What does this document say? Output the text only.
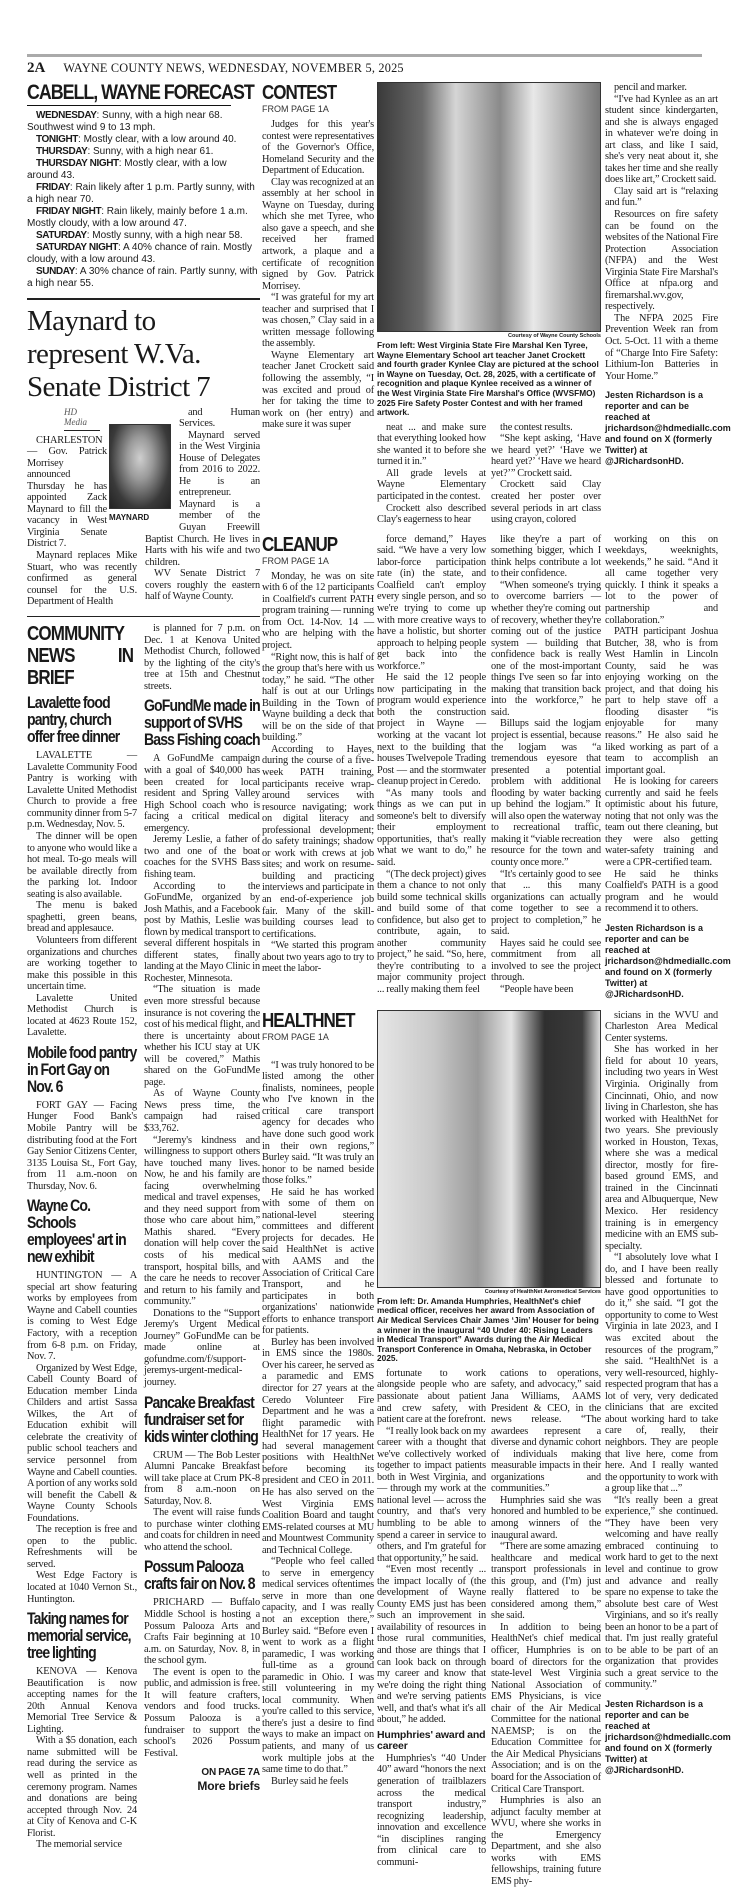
2A WAYNE COUNTY NEWS, WEDNESDAY, NOVEMBER 5, 2025
CABELL, WAYNE FORECAST

WEDNESDAY: Sunny, with a high near 68. Southwest wind 9 to 13 mph.

TONIGHT: Mostly clear, with a low around 40.

THURSDAY: Sunny, with a high near 61.

THURSDAY NIGHT: Mostly clear, with a low around 43.

FRIDAY: Rain likely after 1 p.m. Partly sunny, with a high near 70.

FRIDAY NIGHT: Rain likely, mainly before 1 a.m. Mostly cloudy, with a low around 47.

SATURDAY: Mostly sunny, with a high near 58.

SATURDAY NIGHT: A 40% chance of rain. Mostly cloudy, with a low around 43.

SUNDAY: A 30% chance of rain. Partly sunny, with a high near 55.

Maynard to represent W.Va. Senate District 7
HD Media

CHARLESTON — Gov. Patrick Morrisey announced Thursday he has appointed Zack Maynard to fill the vacancy in West Virginia Senate District 7.

Maynard replaces Mike Stuart, who was recently confirmed as general counsel for the U.S. Department of Health

MAYNARD

and Human Services.

Maynard served in the West Virginia House of Delegates from 2016 to 2022. He is an entrepreneur. Maynard is a member of the Guyan Freewill Baptist Church. He lives in Harts with his wife and two children.

WV Senate District 7 covers roughly the eastern half of Wayne County.

COMMUNITY NEWS IN BRIEF
Lavalette food pantry, church offer free dinner

LAVALETTE — Lavalette Community Food Pantry is working with Lavalette United Methodist Church to provide a free community dinner from 5-7 p.m. Wednesday, Nov. 5.

The dinner will be open to anyone who would like a hot meal. To-go meals will be available directly from the parking lot. Indoor seating is also available.

The menu is baked spaghetti, green beans, bread and applesauce.

Volunteers from different organizations and churches are working together to make this possible in this uncertain time.

Lavalette United Methodist Church is located at 4623 Route 152, Lavalette.

Mobile food pantry in Fort Gay on Nov. 6

FORT GAY — Facing Hunger Food Bank's Mobile Pantry will be distributing food at the Fort Gay Senior Citizens Center, 3135 Louisa St., Fort Gay, from 11 a.m.-noon on Thursday, Nov. 6.

Wayne Co. Schools employees' art in new exhibit

HUNTINGTON — A special art show featuring works by employees from Wayne and Cabell counties is coming to West Edge Factory, with a reception from 6-8 p.m. on Friday, Nov. 7.

Organized by West Edge, Cabell County Board of Education member Linda Childers and artist Sassa Wilkes, the Art of Education exhibit will celebrate the creativity of public school teachers and service personnel from Wayne and Cabell counties. A portion of any works sold will benefit the Cabell & Wayne County Schools Foundations.

The reception is free and open to the public. Refreshments will be served.

West Edge Factory is located at 1040 Vernon St., Huntington.

Taking names for memorial service, tree lighting

KENOVA — Kenova Beautification is now accepting names for the 20th Annual Kenova Memorial Tree Service & Lighting.

With a $5 donation, each name submitted will be read during the service as well as printed in the ceremony program. Names and donations are being accepted through Nov. 24 at City of Kenova and C-K Florist.

The memorial service

is planned for 7 p.m. on Dec. 1 at Kenova United Methodist Church, followed by the lighting of the city's tree at 15th and Chestnut streets.

GoFundMe made in support of SVHS Bass Fishing coach

A GoFundMe campaign with a goal of $40,000 has been created for local resident and Spring Valley High School coach who is facing a critical medical emergency.

Jeremy Leslie, a father of two and one of the boat coaches for the SVHS Bass fishing team.

According to the GoFundMe, organized by Josh Mathis, and a Facebook post by Mathis, Leslie was flown by medical transport to several different hospitals in different states, finally landing at the Mayo Clinic in Rochester, Minnesota.

“The situation is made even more stressful because insurance is not covering the cost of his medical flight, and there is uncertainty about whether his ICU stay at UK will be covered,” Mathis shared on the GoFundMe page.

As of Wayne County News press time, the campaign had raised $33,762.

“Jeremy's kindness and willingness to support others have touched many lives. Now, he and his family are facing overwhelming medical and travel expenses, and they need support from those who care about him,” Mathis shared. “Every donation will help cover the costs of his medical transport, hospital bills, and the care he needs to recover and return to his family and community.”

Donations to the “Support Jeremy's Urgent Medical Journey” GoFundMe can be made online at gofundme.com/f/support-jeremys-urgent-medical-journey.

Pancake Breakfast fundraiser set for kids winter clothing

CRUM — The Bob Lester Alumni Pancake Breakfast will take place at Crum PK-8 from 8 a.m.-noon on Saturday, Nov. 8.

The event will raise funds to purchase winter clothing and coats for children in need who attend the school.

Possum Palooza crafts fair on Nov. 8

PRICHARD — Buffalo Middle School is hosting a Possum Palooza Arts and Crafts Fair beginning at 10 a.m. on Saturday, Nov. 8, in the school gym.

The event is open to the public, and admission is free. It will feature crafters, vendors and food trucks. Possum Palooza is a fundraiser to support the school's 2026 Possum Festival.

ON PAGE 7A
More briefs
CONTEST
FROM PAGE 1A

Judges for this year's contest were representatives of the Governor's Office, Homeland Security and the Department of Education.

Clay was recognized at an assembly at her school in Wayne on Tuesday, during which she met Tyree, who also gave a speech, and she received her framed artwork, a plaque and a certificate of recognition signed by Gov. Patrick Morrisey.

“I was grateful for my art teacher and surprised that I was chosen,” Clay said in a written message following the assembly.

Wayne Elementary art teacher Janet Crockett said following the assembly, “I was excited and proud of her for taking the time to work on (her entry) and make sure it was super

Courtesy of Wayne County Schools
From left: West Virginia State Fire Marshal Ken Tyree, Wayne Elementary School art teacher Janet Crockett and fourth grader Kynlee Clay are pictured at the school in Wayne on Tuesday, Oct. 28, 2025, with a certificate of recognition and plaque Kynlee received as a winner of the West Virginia State Fire Marshal's Office (WVSFMO) 2025 Fire Safety Poster Contest and with her framed artwork.

neat ... and make sure that everything looked how she wanted it to before she turned it in.”

All grade levels at Wayne Elementary participated in the contest.

Crockett also described Clay's eagerness to hear

the contest results.

“She kept asking, ‘Have we heard yet?’ ‘Have we heard yet?’ ‘Have we heard yet?’” Crockett said.

Crockett said Clay created her poster over several periods in art class using crayon, colored

pencil and marker.

“I've had Kynlee as an art student since kindergarten, and she is always engaged in whatever we're doing in art class, and like I said, she's very neat about it, she takes her time and she really does like art,” Crockett said.

Clay said art is “relaxing and fun.”

Resources on fire safety can be found on the websites of the National Fire Protection Association (NFPA) and the West Virginia State Fire Marshal's Office at nfpa.org and firemarshal.wv.gov, respectively.

The NFPA 2025 Fire Prevention Week ran from Oct. 5-Oct. 11 with a theme of “Charge Into Fire Safety: Lithium-Ion Batteries in Your Home.”

Jesten Richardson is a reporter and can be reached at jrichardson@hdmediallc.com and found on X (formerly Twitter) at @JRichardsonHD.

CLEANUP
FROM PAGE 1A

Monday, he was on site with 6 of the 12 participants in Coalfield's current PATH program training — running from Oct. 14-Nov. 14 — who are helping with the project.

“Right now, this is half of the group that's here with us today,” he said. “The other half is out at our Urlings Building in the Town of Wayne building a deck that will be on the side of that building.”

According to Hayes, during the course of a five-week PATH training, participants receive wrap-around services with resource navigating; work on digital literacy and professional development; do safety trainings; shadow or work with crews at job sites; and work on resume-building and practicing interviews and participate in an end-of-experience job fair. Many of the skill-building courses lead to certifications.

“We started this program about two years ago to try to meet the labor-

force demand,” Hayes said. “We have a very low labor-force participation rate (in) the state, and Coalfield can't employ every single person, and so we're trying to come up with more creative ways to have a holistic, but shorter approach to helping people get back into the workforce.”

He said the 12 people now participating in the program would experience both the construction project in Wayne — working at the vacant lot next to the building that houses Twelvepole Trading Post — and the stormwater cleanup project in Ceredo.

“As many tools and things as we can put in someone's belt to diversify their employment opportunities, that's really what we want to do,” he said.

“(The deck project) gives them a chance to not only build some technical skills and build some of that confidence, but also get to contribute, again, to another community project,” he said. “So, here, they're contributing to a major community project ... really making them feel

like they're a part of something bigger, which I think helps contribute a lot to their confidence.

“When someone's trying to overcome barriers — whether they're coming out of recovery, whether they're coming out of the justice system — building that confidence back is really one of the most-important things I've seen so far into making that transition back into the workforce,” he said.

Billups said the logjam project is essential, because the logjam was “a tremendous eyesore that presented a potential problem with additional flooding by water backing up behind the logjam.” It will also open the waterway to recreational traffic, making it “viable recreation resource for the town and county once more.”

“It's certainly good to see that ... this many organizations can actually come together to see a project to completion,” he said.

Hayes said he could see commitment from all involved to see the project through.

“People have been

working on this on weekdays, weeknights, weekends,” he said. “And it all came together very quickly. I think it speaks a lot to the power of partnership and collaboration.”

PATH participant Joshua Butcher, 38, who is from West Hamlin in Lincoln County, said he was enjoying working on the project, and that doing his part to help stave off a flooding disaster “is enjoyable for many reasons.” He also said he liked working as part of a team to accomplish an important goal.

He is looking for careers currently and said he feels optimistic about his future, noting that not only was the team out there cleaning, but they were also getting water-safety training and were a CPR-certified team.

He said he thinks Coalfield's PATH is a good program and he would recommend it to others.

Jesten Richardson is a reporter and can be reached at jrichardson@hdmediallc.com and found on X (formerly Twitter) at @JRichardsonHD.

HEALTHNET
FROM PAGE 1A

“I was truly honored to be listed among the other finalists, nominees, people who I've known in the critical care transport agency for decades who have done such good work in their own regions,” Burley said. “It was truly an honor to be named beside those folks.”

He said he has worked with some of them on national-level steering committees and different projects for decades. He said HealthNet is active with AAMS and the Association of Critical Care Transport, and he participates in both organizations' nationwide efforts to enhance transport for patients.

Burley has been involved in EMS since the 1980s. Over his career, he served as a paramedic and EMS director for 27 years at the Ceredo Volunteer Fire Department and he was a flight paramedic with HealthNet for 17 years. He had several management positions with HealthNet before becoming its president and CEO in 2011. He has also served on the West Virginia EMS Coalition Board and taught EMS-related courses at MU and Mountwest Community and Technical College.

“People who feel called to serve in emergency medical services oftentimes serve in more than one capacity, and I was really not an exception there,” Burley said. “Before even I went to work as a flight paramedic, I was working full-time as a ground paramedic in Ohio. I was still volunteering in my local community. When you're called to this service, there's just a desire to find ways to make an impact on patients, and many of us work multiple jobs at the same time to do that.”

Burley said he feels

Courtesy of HealthNet Aeromedical Services
From left: Dr. Amanda Humphries, HealthNet's chief medical officer, receives her award from Association of Air Medical Services Chair James ‘Jim’ Houser for being a winner in the inaugural “40 Under 40: Rising Leaders in Medical Transport” Awards during the Air Medical Transport Conference in Omaha, Nebraska, in October 2025.

fortunate to work alongside people who are passionate about patient and crew safety, with patient care at the forefront.

“I really look back on my career with a thought that we've collectively worked together to impact patients both in West Virginia, and — through my work at the national level — across the country, and that's very humbling to be able to spend a career in service to others, and I'm grateful for that opportunity,” he said.

“Even most recently ... the impact locally of (the development of Wayne County EMS just has been such an improvement in availability of resources in those rural communities, and those are things that I can look back on through my career and know that we're doing the right thing and we're serving patients well, and that's what it's all about,” he added.

Humphries' award and career

Humphries's “40 Under 40” award “honors the next generation of trailblazers across the medical transport industry,” recognizing leadership, innovation and excellence “in disciplines ranging from clinical care to communi-

cations to operations, safety, and advocacy,” said Jana Williams, AAMS President & CEO, in the news release. “The awardees represent a diverse and dynamic cohort of individuals making measurable impacts in their organizations and communities.”

Humphries said she was honored and humbled to be among winners of the inaugural award.

“There are some amazing healthcare and medical transport professionals in this group, and (I'm) just really flattered to be considered among them,” she said.

In addition to being HealthNet's chief medical officer, Humphries is on board of directors for the state-level West Virginia National Association of EMS Physicians, is vice chair of the Air Medical Committee for the national NAEMSP; is on the Education Committee for the Air Medical Physicians Association; and is on the board for the Association of Critical Care Transport.

Humphries is also an adjunct faculty member at WVU, where she works in the Emergency Department, and she also works with EMS fellowships, training future EMS phy-

sicians in the WVU and Charleston Area Medical Center systems.

She has worked in her field for about 10 years, including two years in West Virginia. Originally from Cincinnati, Ohio, and now living in Charleston, she has worked with HealthNet for two years. She previously worked in Houston, Texas, where she was a medical director, mostly for fire-based ground EMS, and trained in the Cincinnati area and Albuquerque, New Mexico. Her residency training is in emergency medicine with an EMS sub-specialty.

“I absolutely love what I do, and I have been really blessed and fortunate to have good opportunities to do it,” she said. “I got the opportunity to come to West Virginia in late 2023, and I was excited about the resources of the program,” she said. “HealthNet is a very well-resourced, highly-respected program that has a lot of very, very dedicated clinicians that are excited about working hard to take care of, really, their neighbors. They are people that live here, come from here. And I really wanted the opportunity to work with a group like that ...”

“It's really been a great experience,” she continued. “They have been very welcoming and have really embraced continuing to work hard to get to the next level and continue to grow and advance and really spare no expense to take the absolute best care of West Virginians, and so it's really been an honor to be a part of that. I'm just really grateful to be able to be part of an organization that provides such a great service to the community.”

Jesten Richardson is a reporter and can be reached at jrichardson@hdmediallc.com and found on X (formerly Twitter) at @JRichardsonHD.
